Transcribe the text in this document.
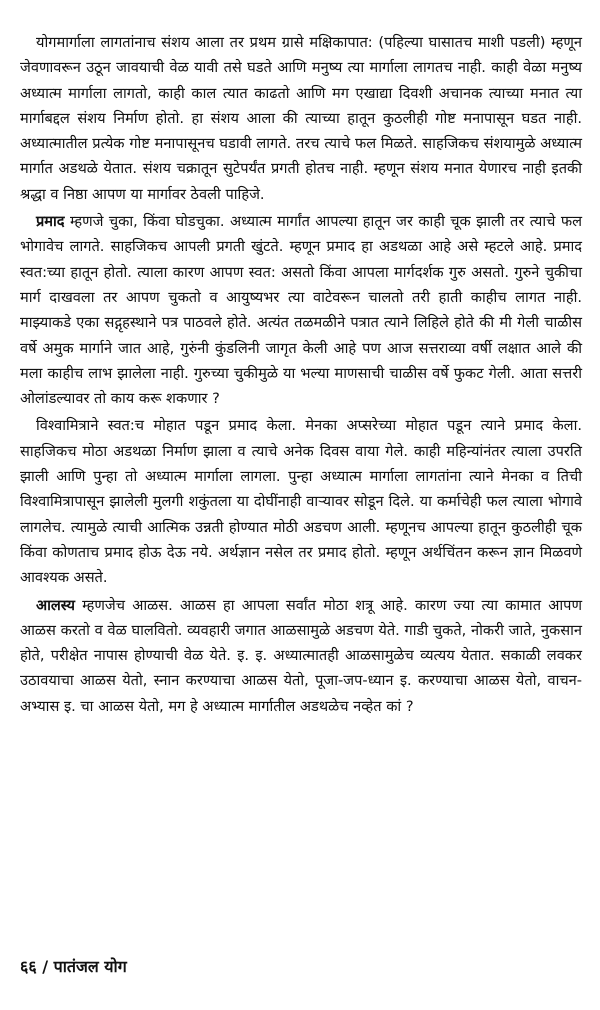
योगमार्गाला लागतांनाच संशय आला तर प्रथम ग्रासे मक्षिकापात: (पहिल्या घासातच माशी पडली) म्हणून जेवणावरून उठून जावयाची वेळ यावी तसे घडते आणि मनुष्य त्या मार्गाला लागतच नाही. काही वेळा मनुष्य अध्यात्म मार्गाला लागतो, काही काल त्यात काढतो आणि मग एखाद्या दिवशी अचानक त्याच्या मनात त्या मार्गाबद्दल संशय निर्माण होतो. हा संशय आला की त्याच्या हातून कुठलीही गोष्ट मनापासून घडत नाही. अध्यात्मातील प्रत्येक गोष्ट मनापासूनच घडावी लागते. तरच त्याचे फल मिळते. साहजिकच संशयामुळे अध्यात्म मार्गात अडथळे येतात. संशय चक्रातून सुटेपर्यंत प्रगती होतच नाही. म्हणून संशय मनात येणारच नाही इतकी श्रद्धा व निष्ठा आपण या मार्गावर ठेवली पाहिजे.

प्रमाद म्हणजे चुका, किंवा घोडचुका. अध्यात्म मार्गांत आपल्या हातून जर काही चूक झाली तर त्याचे फल भोगावेच लागते. साहजिकच आपली प्रगती खुंटते. म्हणून प्रमाद हा अडथळा आहे असे म्हटले आहे. प्रमाद स्वत:च्या हातून होतो. त्याला कारण आपण स्वत: असतो किंवा आपला मार्गदर्शक गुरु असतो. गुरुने चुकीचा मार्ग दाखवला तर आपण चुकतो व आयुष्यभर त्या वाटेवरून चालतो तरी हाती काहीच लागत नाही. माझ्याकडे एका सद्गृहस्थाने पत्र पाठवले होते. अत्यंत तळमळीने पत्रात त्याने लिहिले होते की मी गेली चाळीस वर्षे अमुक मार्गाने जात आहे, गुरुंनी कुंडलिनी जागृत केली आहे पण आज सत्तराव्या वर्षी लक्षात आले की मला काहीच लाभ झालेला नाही. गुरुच्या चुकीमुळे या भल्या माणसाची चाळीस वर्षे फुकट गेली. आता सत्तरी ओलांडल्यावर तो काय करू शकणार ?

विश्वामित्राने स्वत:च मोहात पडून प्रमाद केला. मेनका अप्सरेच्या मोहात पडून त्याने प्रमाद केला. साहजिकच मोठा अडथळा निर्माण झाला व त्याचे अनेक दिवस वाया गेले. काही महिन्यांनंतर त्याला उपरति झाली आणि पुन्हा तो अध्यात्म मार्गाला लागला. पुन्हा अध्यात्म मार्गाला लागतांना त्याने मेनका व तिची विश्वामित्रापासून झालेली मुलगी शकुंतला या दोघींनाही वाऱ्यावर सोडून दिले. या कर्माचेही फल त्याला भोगावे लागलेच. त्यामुळे त्याची आत्मिक उन्नती होण्यात मोठी अडचण आली. म्हणूनच आपल्या हातून कुठलीही चूक किंवा कोणताच प्रमाद होऊ देऊ नये. अर्थज्ञान नसेल तर प्रमाद होतो. म्हणून अर्थचिंतन करून ज्ञान मिळवणे आवश्यक असते.

आलस्य म्हणजेच आळस. आळस हा आपला सर्वांत मोठा शत्रू आहे. कारण ज्या त्या कामात आपण आळस करतो व वेळ घालवितो. व्यवहारी जगात आळसामुळे अडचण येते. गाडी चुकते, नोकरी जाते, नुकसान होते, परीक्षेत नापास होण्याची वेळ येते. इ. इ. अध्यात्मातही आळसामुळेच व्यत्यय येतात. सकाळी लवकर उठावयाचा आळस येतो, स्नान करण्याचा आळस येतो, पूजा-जप-ध्यान इ. करण्याचा आळस येतो, वाचन-अभ्यास इ. चा आळस येतो, मग हे अध्यात्म मार्गातील अडथळेच नव्हेत कां ?

६६ / पातंजल योग
